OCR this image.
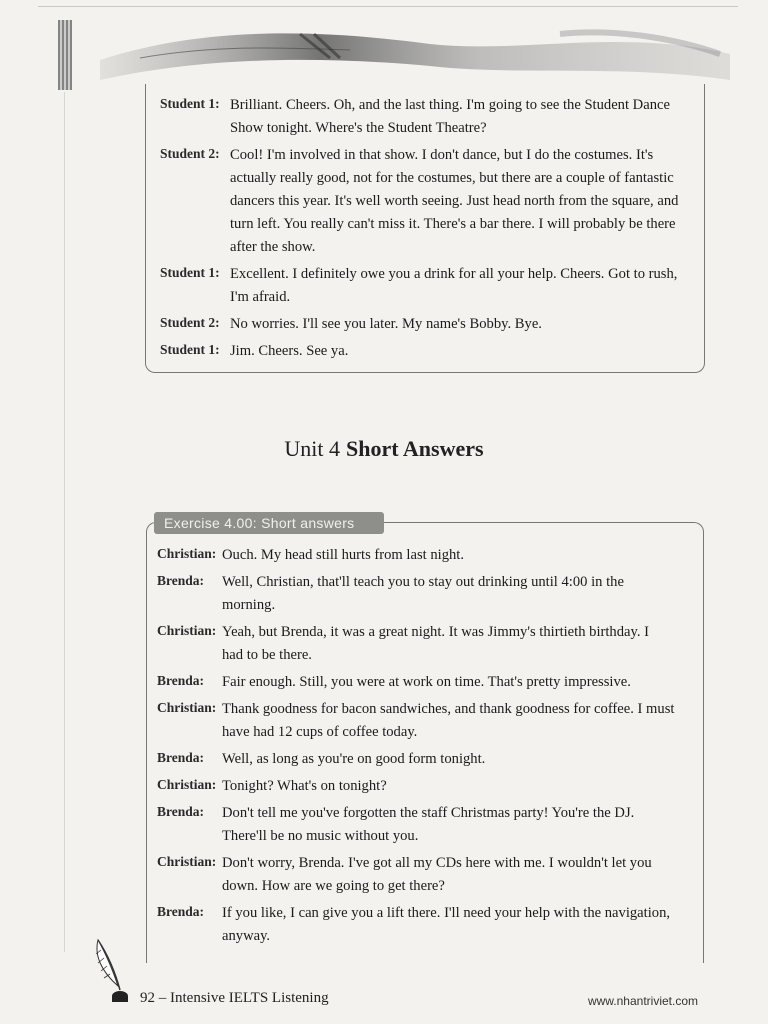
Unit 4 Short Answers
Exercise 4.00: Short answers
Student 1: Brilliant. Cheers. Oh, and the last thing. I'm going to see the Student Dance
Show tonight. Where's the Student Theatre?
Student 2: Cool! I'm involved in that show. I don't dance, but I do the costumes. It's
actually really good, not for the costumes, but there are a couple of fantastic
dancers this year. It's well worth seeing. Just head north from the square, and
turn left. You really can't miss it. There's a bar there. I will probably be there
after the show.
Student 1: Excellent. I definitely owe you a drink for all your help. Cheers. Got to rush,
I'm afraid.
Student 2: No worries. I'll see you later. My name's Bobby. Bye.
Student 1: Jim. Cheers. See ya.
Christian: Ouch. My head still hurts from last night.
Brenda: Well, Christian, that'll teach you to stay out drinking until 4:00 in the
morning.
Christian: Yeah, but Brenda, it was a great night. It was Jimmy's thirtieth birthday. I
had to be there.
Brenda: Fair enough. Still, you were at work on time. That's pretty impressive.
Christian: Thank goodness for bacon sandwiches, and thank goodness for coffee. I must
have had 12 cups of coffee today.
Brenda: Well, as long as you're on good form tonight.
Christian: Tonight? What's on tonight?
Brenda: Don't tell me you've forgotten the staff Christmas party! You're the DJ.
There'll be no music without you.
Christian: Don't worry, Brenda. I've got all my CDs here with me. I wouldn't let you
down. How are we going to get there?
Brenda: If you like, I can give you a lift there. I'll need your help with the navigation,
anyway.
92 – Intensive IELTS Listening	www.nhantriviet.com
